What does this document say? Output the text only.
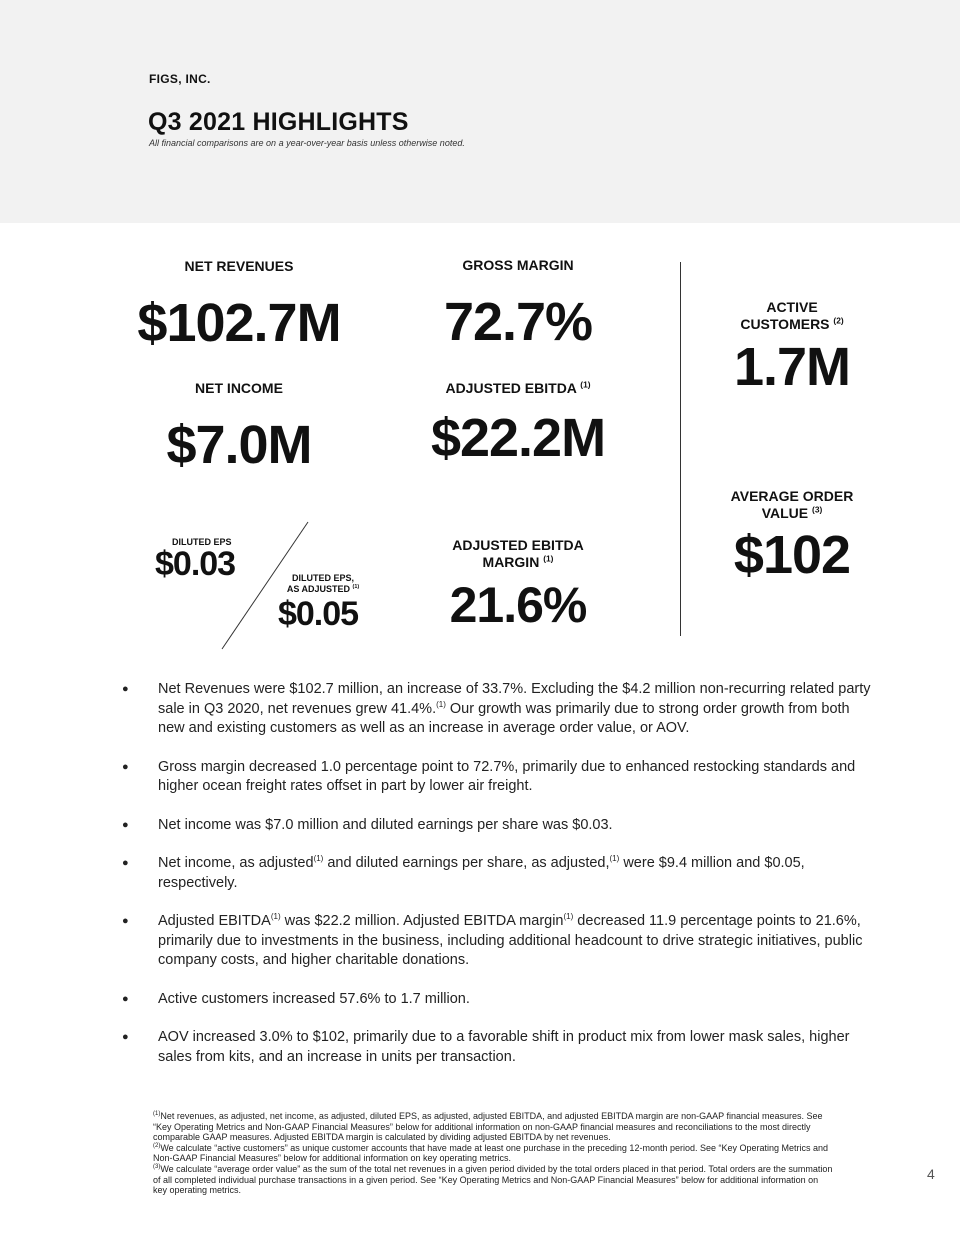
FIGS, INC.
Q3 2021 HIGHLIGHTS
All financial comparisons are on a year-over-year basis unless otherwise noted.
NET REVENUES
$102.7M
GROSS MARGIN
72.7%
NET INCOME
$7.0M
ADJUSTED EBITDA $^{(1)}$
$22.2M
DILUTED EPS
$0.03	DILUTED EPS,
AS ADJUSTED $^{(1)}$
$0.05
ADJUSTED EBITDA
MARGIN $^{(1)}$
21.6%
ACTIVE
CUSTOMERS $^{(2)}$
1.7M
AVERAGE ORDER
VALUE $^{(3)}$
$102
● Net Revenues were $102.7 million, an increase of 33.7%. Excluding the $4.2 million non-recurring related party sale in Q3 2020, net revenues grew 41.4%.$^{(1)}$ Our growth was primarily due to strong order growth from both new and existing customers as well as an increase in average order value, or AOV.
● Gross margin decreased 1.0 percentage point to 72.7%, primarily due to enhanced restocking standards and higher ocean freight rates offset in part by lower air freight.
● Net income was $7.0 million and diluted earnings per share was $0.03.
● Net income, as adjusted$^{(1)}$ and diluted earnings per share, as adjusted,$^{(1)}$ were $9.4 million and $0.05, respectively.
● Adjusted EBITDA$^{(1)}$ was $22.2 million. Adjusted EBITDA margin$^{(1)}$ decreased 11.9 percentage points to 21.6%, primarily due to investments in the business, including additional headcount to drive strategic initiatives, public company costs, and higher charitable donations.
● Active customers increased 57.6% to 1.7 million.
● AOV increased 3.0% to $102, primarily due to a favorable shift in product mix from lower mask sales, higher sales from kits, and an increase in units per transaction.

$^{(1)}$Net revenues, as adjusted, net income, as adjusted, diluted EPS, as adjusted, adjusted EBITDA, and adjusted EBITDA margin are non-GAAP financial measures. See “Key Operating Metrics and Non-GAAP Financial Measures” below for additional information on non-GAAP financial measures and reconciliations to the most directly comparable GAAP measures. Adjusted EBITDA margin is calculated by dividing adjusted EBITDA by net revenues.

$^{(2)}$We calculate “active customers” as unique customer accounts that have made at least one purchase in the preceding 12-month period. See “Key Operating Metrics and Non-GAAP Financial Measures” below for additional information on key operating metrics.

$^{(3)}$We calculate “average order value” as the sum of the total net revenues in a given period divided by the total orders placed in that period. Total orders are the summation of all completed individual purchase transactions in a given period. See “Key Operating Metrics and Non-GAAP Financial Measures” below for additional information on key operating metrics.

4
